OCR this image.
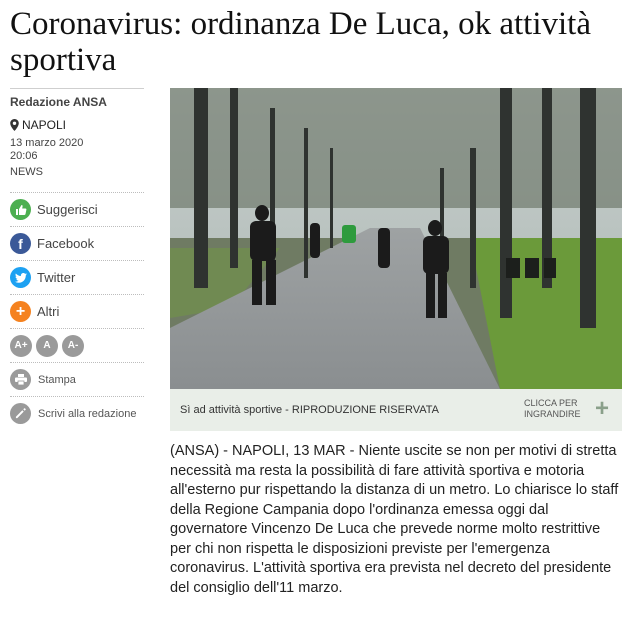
Coronavirus: ordinanza De Luca, ok attività sportiva
Redazione ANSA
NAPOLI
13 marzo 2020
20:06
NEWS
Suggerisci
f	Facebook
Twitter
+ Altri
A+	A	A-
Stampa
Scrivi alla redazione	Sì ad attività sportive - RIPRODUZIONE RISERVATA
CLICCA PER INGRANDIRE +

(ANSA) - NAPOLI, 13 MAR - Niente uscite se non per motivi di stretta necessità ma resta la possibilità di fare attività sportiva e motoria all'esterno pur rispettando la distanza di un metro. Lo chiarisce lo staff della Regione Campania dopo l'ordinanza emessa oggi dal governatore Vincenzo De Luca che prevede norme molto restrittive per chi non rispetta le disposizioni previste per l'emergenza coronavirus. L'attività sportiva era prevista nel decreto del presidente del consiglio dell'11 marzo.
